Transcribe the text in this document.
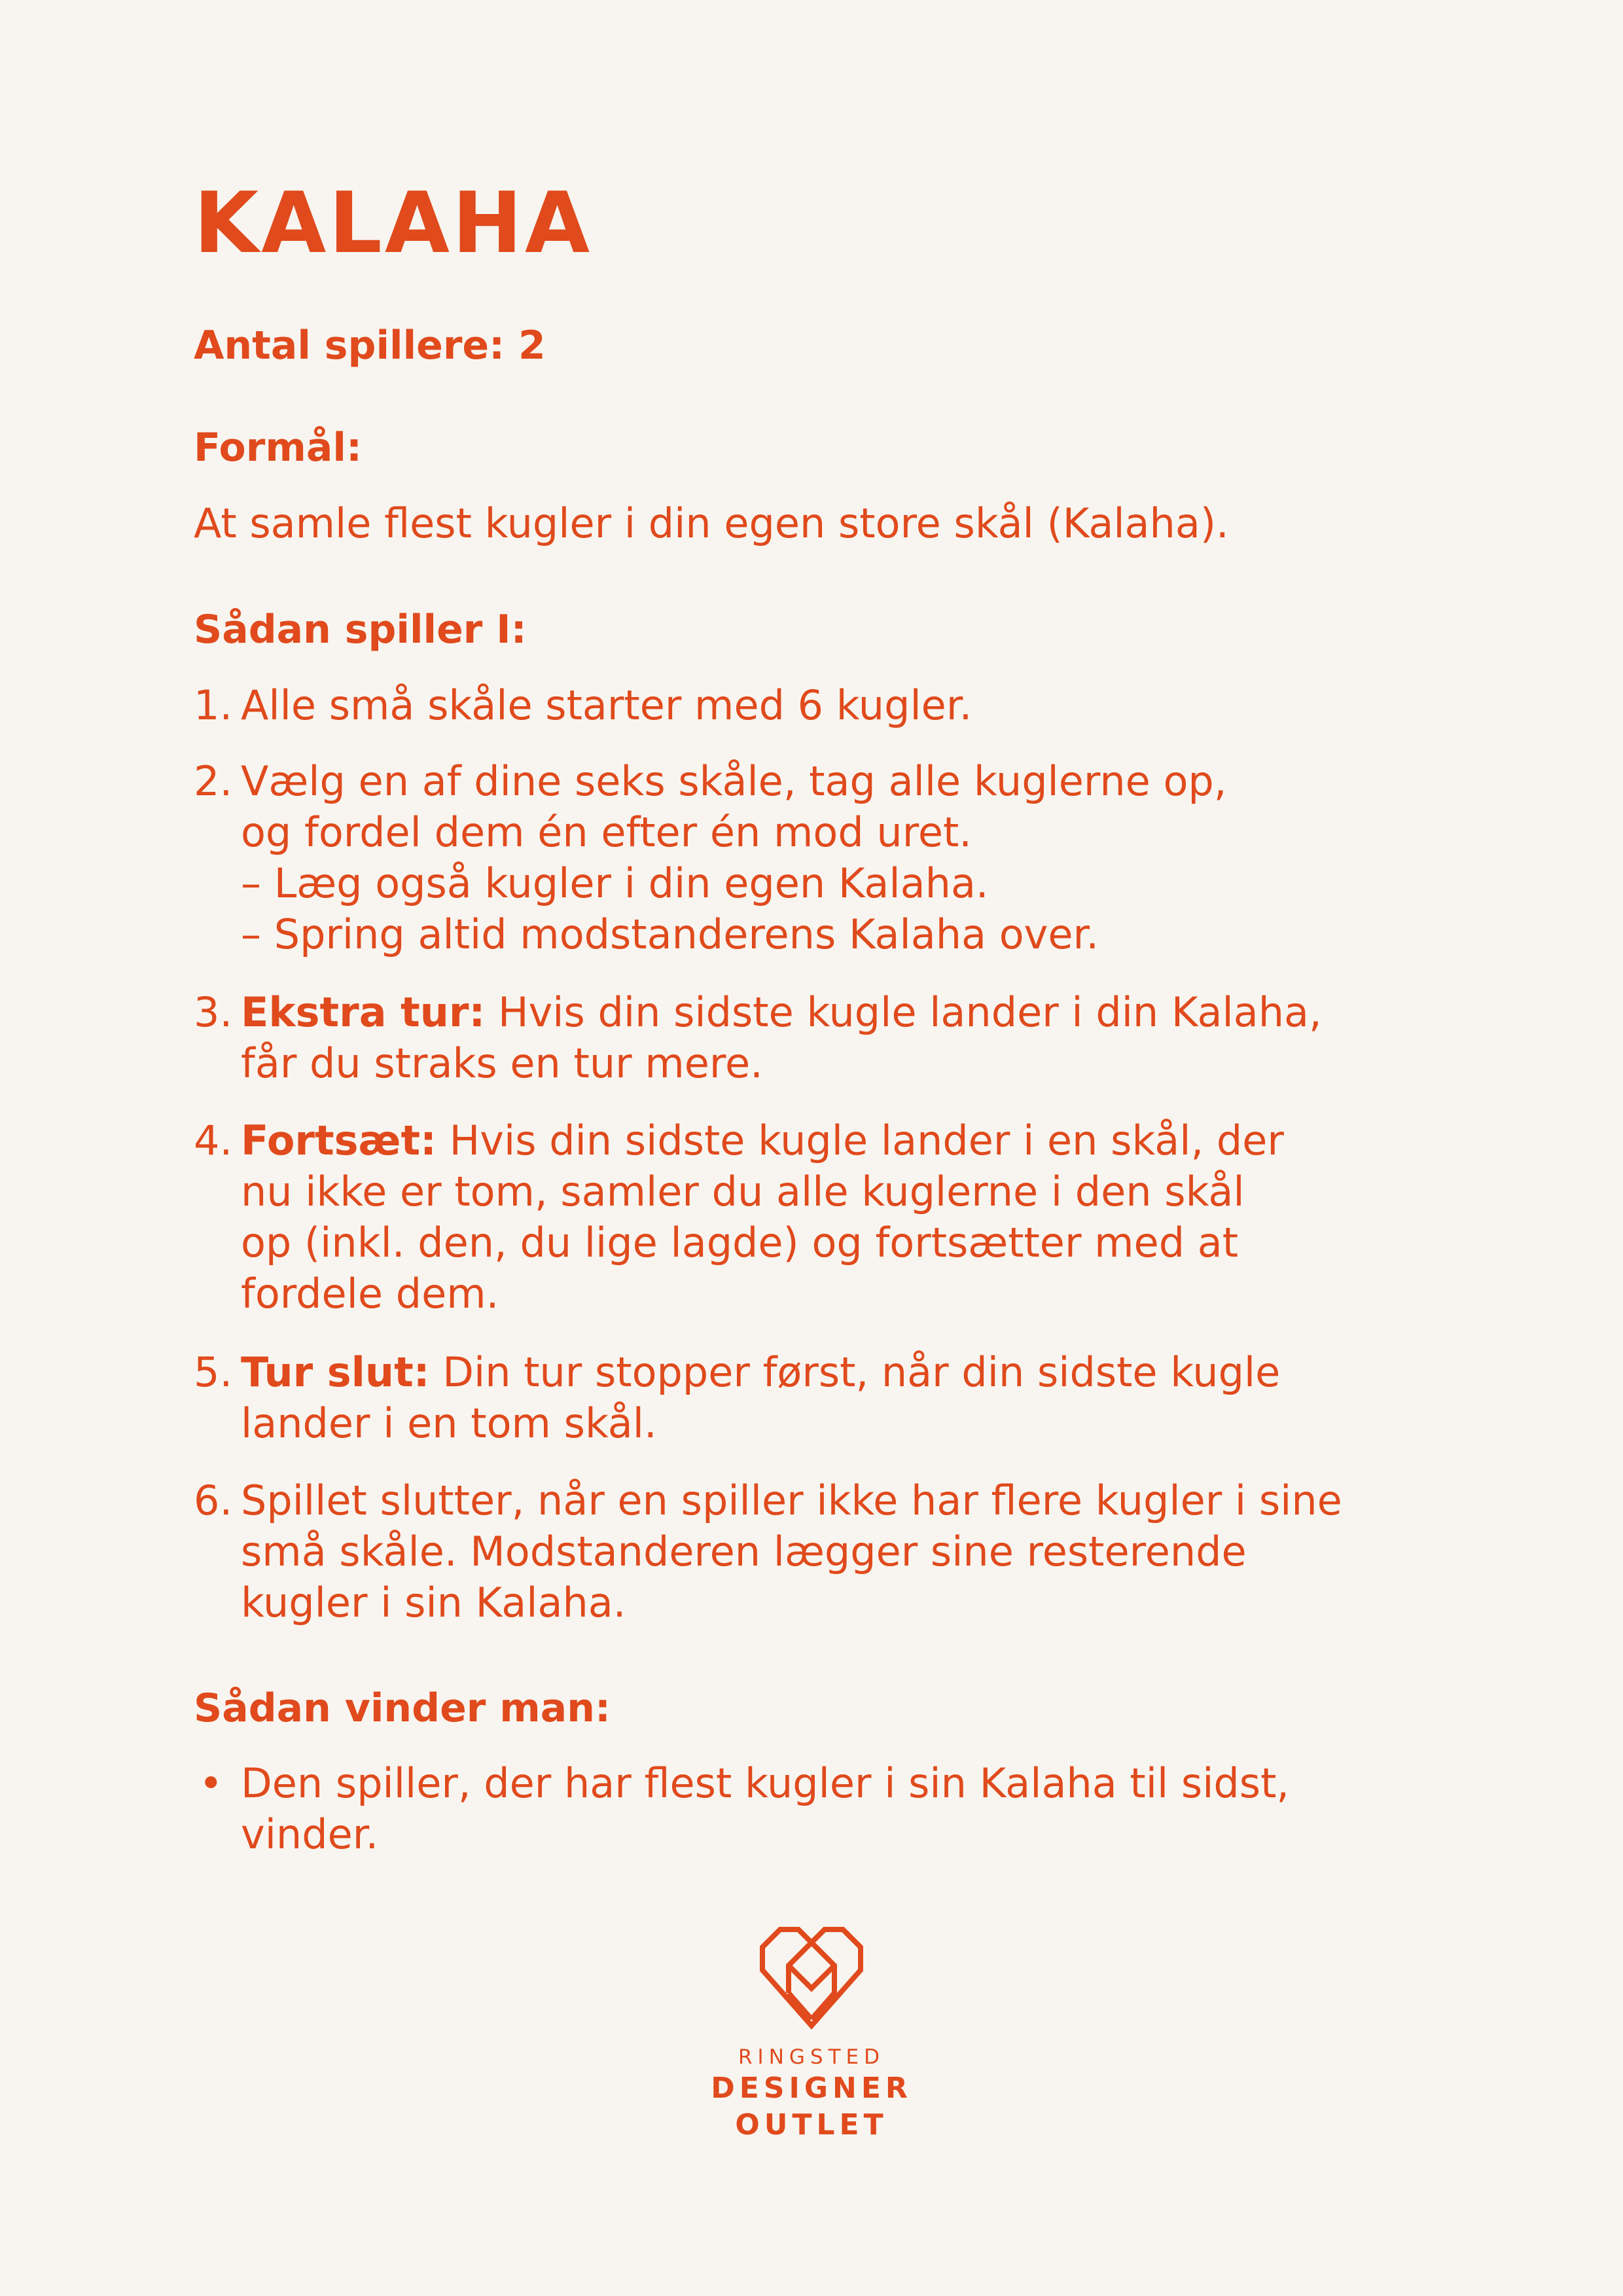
KALAHA
Antal spillere: 2
Formål:
At samle flest kugler i din egen store skål (Kalaha).
Sådan spiller I:
1. Alle små skåle starter med 6 kugler.
2. Vælg en af dine seks skåle, tag alle kuglerne op,
og fordel dem én efter én mod uret.
– Læg også kugler i din egen Kalaha.
– Spring altid modstanderens Kalaha over.
3. Ekstra tur: Hvis din sidste kugle lander i din Kalaha,
får du straks en tur mere.
4. Fortsæt: Hvis din sidste kugle lander i en skål, der
nu ikke er tom, samler du alle kuglerne i den skål
op (inkl. den, du lige lagde) og fortsætter med at
fordele dem.
5. Tur slut: Din tur stopper først, når din sidste kugle
lander i en tom skål.
6. Spillet slutter, når en spiller ikke har flere kugler i sine
små skåle. Modstanderen lægger sine resterende
kugler i sin Kalaha.
Sådan vinder man:
• Den spiller, der har flest kugler i sin Kalaha til sidst,
vinder.
RINGSTED
DESIGNER
OUTLET
